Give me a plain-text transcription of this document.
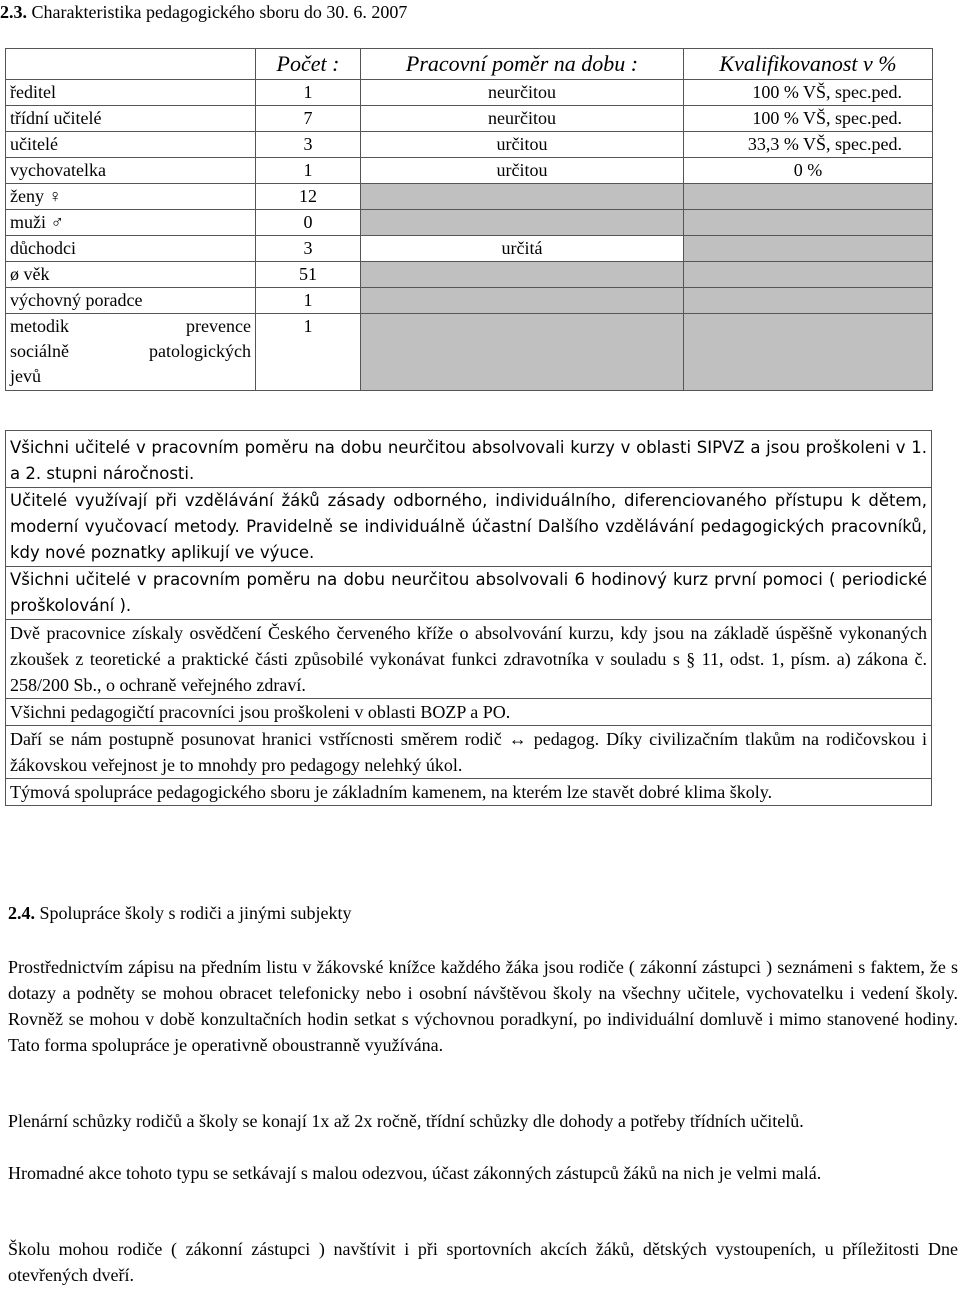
2.3. Charakteristika pedagogického sboru do 30. 6. 2007
	Počet :	Pracovní poměr na dobu :	Kvalifikovanost v %
ředitel	1	neurčitou	100 % VŠ, spec.ped.
třídní učitelé	7	neurčitou	100 % VŠ, spec.ped.
učitelé	3	určitou	33,3 % VŠ, spec.ped.
vychovatelka	1	určitou	0 %
ženy ♀	12		
muži ♂	0		
důchodci	3	určitá	
ø věk	51		
výchovný poradce	1		

metodik prevence
sociálně patologických
jevů	1		
Všichni učitelé v pracovním poměru na dobu neurčitou absolvovali kurzy v oblasti SIPVZ a jsou proškoleni v 1. a 2. stupni náročnosti.
Učitelé využívají při vzdělávání žáků zásady odborného, individuálního, diferenciovaného přístupu k dětem, moderní vyučovací metody. Pravidelně se individuálně účastní Dalšího vzdělávání pedagogických pracovníků, kdy nové poznatky aplikují ve výuce.
Všichni učitelé v pracovním poměru na dobu neurčitou absolvovali 6 hodinový kurz první pomoci ( periodické proškolování ).
Dvě pracovnice získaly osvědčení Českého červeného kříže o absolvování kurzu, kdy jsou na základě úspěšně vykonaných zkoušek z teoretické a praktické části způsobilé vykonávat funkci zdravotníka v souladu s § 11, odst. 1, písm. a) zákona č. 258/200 Sb., o ochraně veřejného zdraví.
Všichni pedagogičtí pracovníci jsou proškoleni v oblasti BOZP a PO.
Daří se nám postupně posunovat hranici vstřícnosti směrem rodič ↔ pedagog. Díky civilizačním tlakům na rodičovskou i žákovskou veřejnost je to mnohdy pro pedagogy nelehký úkol.
Týmová spolupráce pedagogického sboru je základním kamenem, na kterém lze stavět dobré klima školy.
2.4. Spolupráce školy s rodiči a jinými subjekty

Prostřednictvím zápisu na předním listu v žákovské knížce každého žáka jsou rodiče ( zákonní zástupci ) seznámeni s faktem, že s dotazy a podněty se mohou obracet telefonicky nebo i osobní návštěvou školy na všechny učitele, vychovatelku i vedení školy. Rovněž se mohou v době konzultačních hodin setkat s výchovnou poradkyní, po individuální domluvě i mimo stanovené hodiny. Tato forma spolupráce je operativně oboustranně využívána.

Plenární schůzky rodičů a školy se konají 1x až 2x ročně, třídní schůzky dle dohody a potřeby třídních učitelů.

Hromadné akce tohoto typu se setkávají s malou odezvou, účast zákonných zástupců žáků na nich je velmi malá.

Školu mohou rodiče ( zákonní zástupci ) navštívit i při sportovních akcích žáků, dětských vystoupeních, u příležitosti Dne otevřených dveří.
